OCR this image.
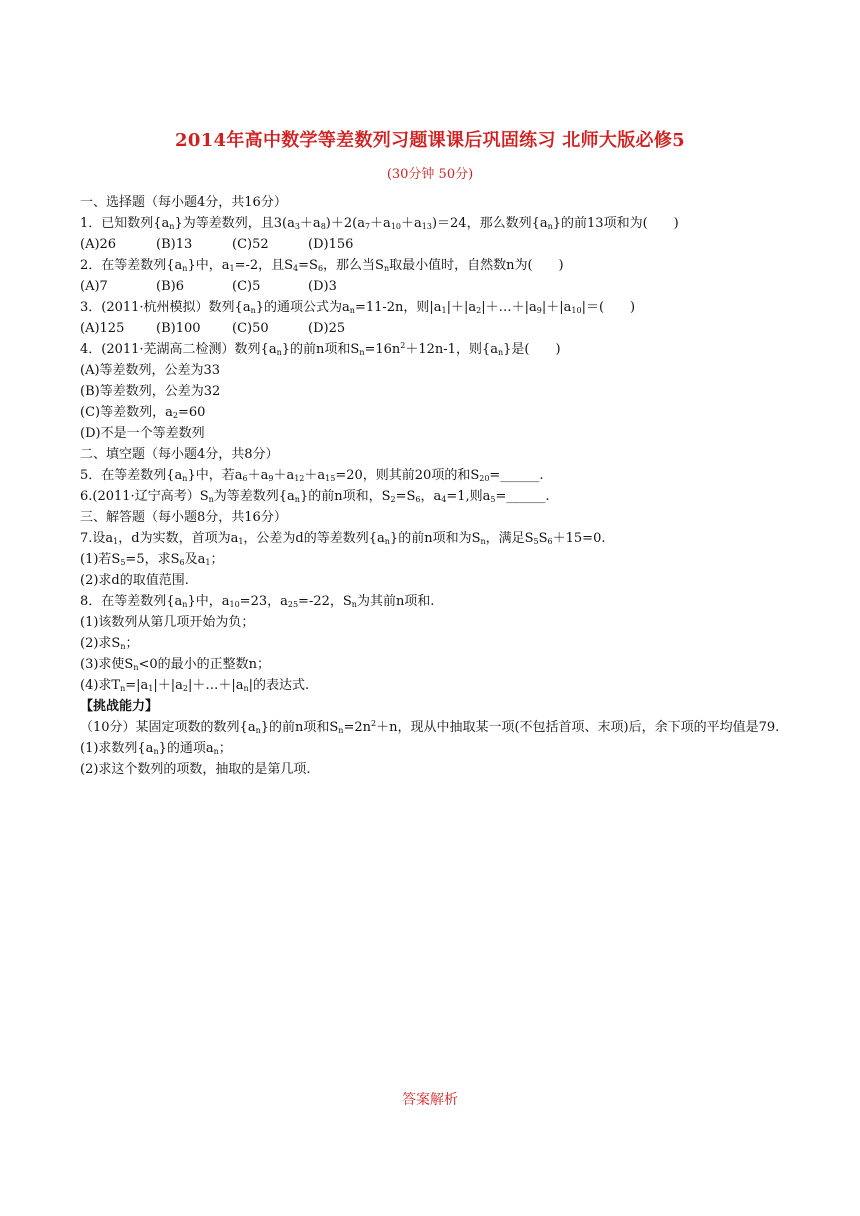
2014年高中数学等差数列习题课课后巩固练习 北师大版必修5
(30分钟 50分)
一、选择题（每小题4分，共16分）
1．已知数列$\{a_n\}$为等差数列，且$3(a_3+a_8)+2(a_7+a_{10}+a_{13})=24$，那么数列$\{a_n\}$的前13项和为(　　)
(A)26	(B)13	(C)52	(D)156
2．在等差数列$\{a_n\}$中，$a_1=-2$，且$S_4=S_6$，那么当$S_n$取最小值时，自然数n为(　　)
(A)7	(B)6	(C)5	(D)3
3．(2011·杭州模拟）数列$\{a_n\}$的通项公式为$a_n=11-2n$，则$|a_1|+|a_2|+\dots+|a_9|+|a_{10}|=$(　　)
(A)125 (B)100 (C)50	(D)25
4．(2011·芜湖高二检测）数列$\{a_n\}$的前n项和$S_n=16n^2+12n-1$，则$\{a_n\}$是(　　)
(A)等差数列，公差为33
(B)等差数列，公差为32
(C)等差数列，$a_2=60$
(D)不是一个等差数列
二、填空题（每小题4分，共8分）
5．在等差数列$\{a_n\}$中，若$a_6+a_9+a_{12}+a_{15}=20$，则其前20项的和$S_{20}=\_\_\_\_\_\_$.
6.(2011·辽宁高考）$S_n$为等差数列$\{a_n\}$的前n项和，$S_2=S_6$，$a_4=1$,则$a_5=\_\_\_\_\_\_$.
三、解答题（每小题8分，共16分）
7.设$a_1$，d为实数，首项为$a_1$，公差为d的等差数列$\{a_n\}$的前n项和为$S_n$，满足$S_5S_6+15=0$.
(1)若$S_5=5$，求$S_6$及$a_1$；
(2)求d的取值范围.
8．在等差数列$\{a_n\}$中，$a_{10}=23$，$a_{25}=-22$，$S_n$为其前n项和.
(1)该数列从第几项开始为负；
(2)求$S_n$；
(3)求使$S_n<0$的最小的正整数n；
(4)求$T_n=|a_1|+|a_2|+\dots+|a_n|$的表达式.
【挑战能力】
（10分）某固定项数的数列$\{a_n\}$的前n项和$S_n=2n^2+n$，现从中抽取某一项(不包括首项、末项)后，余下项的平均值是79.
(1)求数列$\{a_n\}$的通项$a_n$；
(2)求这个数列的项数，抽取的是第几项.
答案解析
